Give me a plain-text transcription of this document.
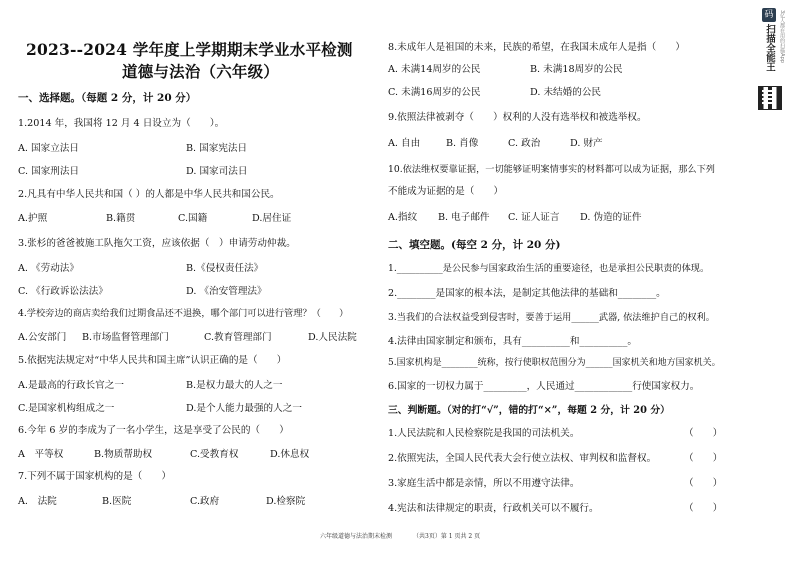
2023--2024 学年度上学期期末学业水平检测
道德与法治（六年级）
一、选择题。（每题 2 分，计 20 分）
1.2014 年，我国将 12 月 4 日设立为（　　）。
A. 国家立法日	B. 国家宪法日
C. 国家刑法日	D. 国家司法日
2.凡具有中华人民共和国（ ）的人都是中华人民共和国公民。
A.护照	B.籍贯	C.国籍	D.居住证
3.张杉的爸爸被施工队拖欠工资，应该依据（　）申请劳动仲裁。
A. 《劳动法》	B.《侵权责任法》
C. 《行政诉讼法法》	D. 《治安管理法》
4.学校旁边的商店卖给我们过期食品还不退换，哪个部门可以进行管理？（　　）
A.公安部门 B.市场监督管理部门	C.教育管理部门	D.人民法院
5.依据宪法规定对“中华人民共和国主席”认识正确的是（　　）
A.是最高的行政长官之一	B.是权力最大的人之一
C.是国家机构组成之一	D.是个人能力最强的人之一
6.今年 6 岁的李成为了一名小学生，这是享受了公民的（　　）
A　平等权	B.物质帮助权	C.受教育权	D.休息权
7.下列不属于国家机构的是（　　）
A.　法院	B.医院	C.政府	D.检察院
8.未成年人是祖国的未来，民族的希望，在我国未成年人是指（　　）
A. 未满14周岁的公民	B. 未满18周岁的公民
C. 未满16周岁的公民	D. 未结婚的公民
9.依照法律被剥夺（　　）权利的人没有选举权和被选举权。
A. 自由	B. 肖像	C. 政治	D. 财产
10.依法维权要靠证据，一切能够证明案情事实的材料都可以成为证据，那么下列
不能成为证据的是（　　）
A.指纹 B. 电子邮件 C. 证人证言 D. 伪造的证件
二、填空题。(每空 2 分，计 20 分)
1.__________是公民参与国家政治生活的重要途径，也是承担公民职责的体现。
2.________是国家的根本法，是制定其他法律的基础和________。
3.当我们的合法权益受到侵害时，要善于运用______武器, 依法维护自己的权利。
4.法律由国家制定和颁布，具有__________和__________。
5.国家机构是________统称，按行使职权范围分为______国家机关和地方国家机关。
6.国家的一切权力属于_________，人民通过____________行使国家权力。
三、判断题。（对的打“√”，错的打“×”，每题 2 分，计 20 分）
1.人民法院和人民检察院是我国的司法机关。	（　　）
2.依照宪法，全国人民代表大会行使立法权、审判权和监督权。	（　　）
3.家庭生活中都是亲情，所以不用遵守法律。	（　　）
4.宪法和法律规定的职责，行政机关可以不履行。	（　　）
码
扫描全能王 3亿人都在用的扫描App
六年级道德与法治期末检测　　　　（共3页）第 1 页共 2 页
